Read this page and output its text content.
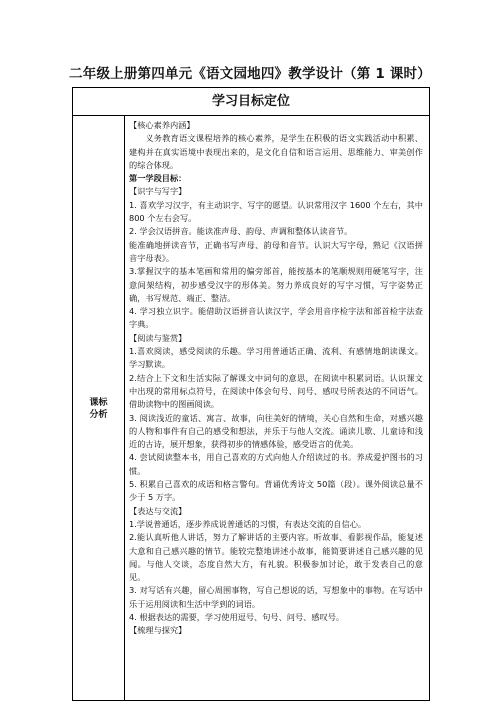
二年级上册第四单元《语文园地四》教学设计（第 1 课时）
学习目标定位
课标分析

【核心素养内涵】

义务教育语文课程培养的核心素养，是学生在积极的语文实践活动中积累、建构并在真实语境中表现出来的，是文化自信和语言运用、思维能力、审美创作的综合体现。

第一学段目标：

【识字与写字】

1. 喜欢学习汉字，有主动识字、写字的愿望。认识常用汉字 1600 个左右，其中 800 个左右会写。

2. 学会汉语拼音。能读准声母、韵母、声调和整体认读音节。

能准确地拼读音节，正确书写声母、韵母和音节。认识大写字母，熟记《汉语拼音字母表》。

3.掌握汉字的基本笔画和常用的偏旁部首，能按基本的笔顺规则用硬笔写字，注意间架结构，初步感受汉字的形体美。努力养成良好的写字习惯，写字姿势正确，书写规范、端正、整洁。

4. 学习独立识字。能借助汉语拼音认读汉字，学会用音序检字法和部首检字法查字典。

【阅读与鉴赏】

1.喜欢阅读，感受阅读的乐趣。学习用普通话正确、流利、有感情地朗读课文。学习默读。

2.结合上下文和生活实际了解课文中词句的意思，在阅读中积累词语。认识课文中出现的常用标点符号，在阅读中体会句号、问号、感叹号所表达的不同语气。借助读物中的图画阅读。

3. 阅读浅近的童话、寓言、故事，向往美好的情境，关心自然和生命，对感兴趣的人物和事件有自己的感受和想法，并乐于与他人交流。诵读儿歌、儿童诗和浅近的古诗，展开想象，获得初步的情感体验，感受语言的优美。

4. 尝试阅读整本书，用自己喜欢的方式向他人介绍读过的书。养成爱护图书的习惯。

5. 积累自己喜欢的成语和格言警句。背诵优秀诗文 50篇（段）。课外阅读总量不少于 5 万字。

【表达与交流】

1.学说普通话，逐步养成说普通话的习惯，有表达交流的自信心。

2.能认真听他人讲话，努力了解讲话的主要内容。听故事、看影视作品，能复述大意和自己感兴趣的情节。能较完整地讲述小故事，能简要讲述自己感兴趣的见闻。与他人交谈，态度自然大方，有礼貌。积极参加讨论，敢于发表自己的意见。

3. 对写话有兴趣，留心周围事物，写自己想说的话，写想象中的事物。在写话中乐于运用阅读和生活中学到的词语。

4. 根据表达的需要，学习使用逗号、句号、问号、感叹号。

【梳理与探究】
